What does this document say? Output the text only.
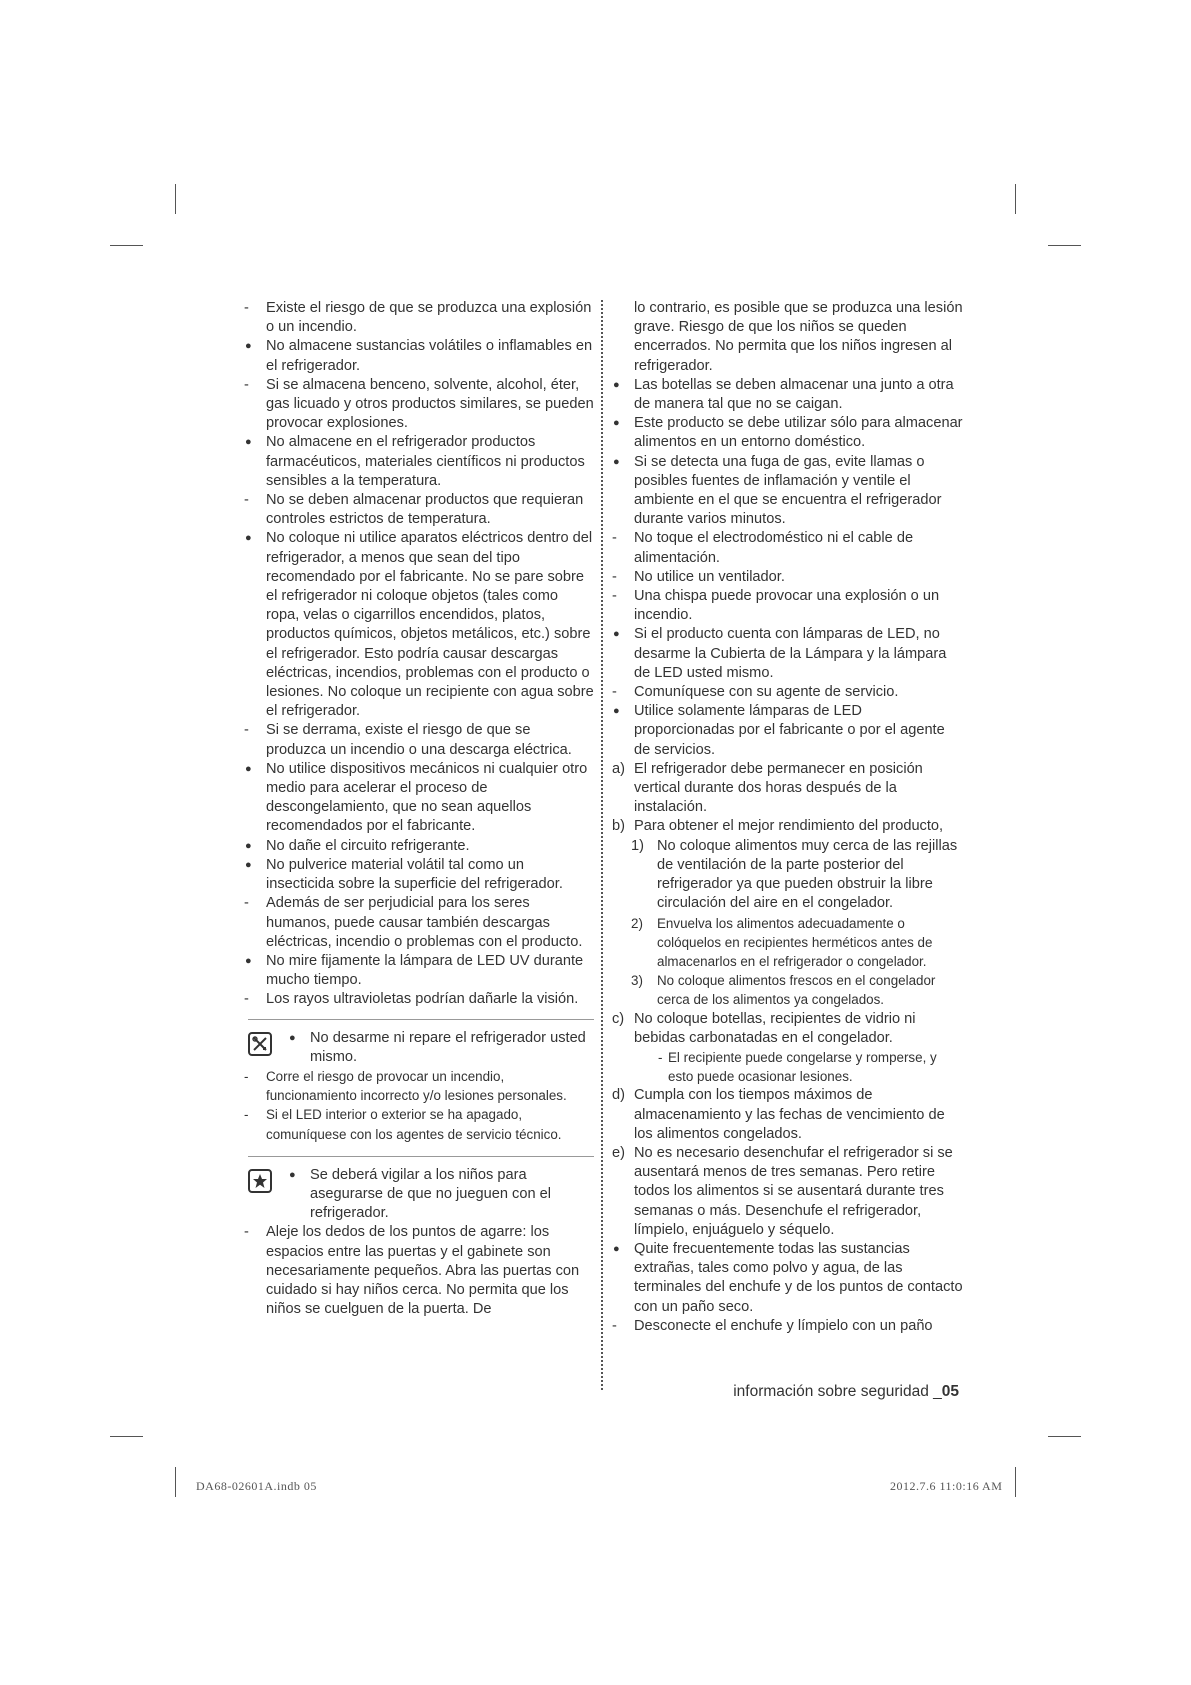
-	Existe el riesgo de que se produzca una explosión o un incendio.
● No almacene sustancias volátiles o inflamables en el refrigerador.
-	Si se almacena benceno, solvente, alcohol, éter, gas licuado y otros productos similares, se pueden provocar explosiones.
● No almacene en el refrigerador productos farmacéuticos, materiales científicos ni productos sensibles a la temperatura.
-	No se deben almacenar productos que requieran controles estrictos de temperatura.
● No coloque ni utilice aparatos eléctricos dentro del refrigerador, a menos que sean del tipo recomendado por el fabricante. No se pare sobre el refrigerador ni coloque objetos (tales como ropa, velas o cigarrillos encendidos, platos, productos químicos, objetos metálicos, etc.) sobre el refrigerador. Esto podría causar descargas eléctricas, incendios, problemas con el producto o lesiones. No coloque un recipiente con agua sobre el refrigerador.
-	Si se derrama, existe el riesgo de que se produzca un incendio o una descarga eléctrica.
● No utilice dispositivos mecánicos ni cualquier otro medio para acelerar el proceso de descongelamiento, que no sean aquellos recomendados por el fabricante.
● No dañe el circuito refrigerante.
● No pulverice material volátil tal como un insecticida sobre la superficie del refrigerador.
-	Además de ser perjudicial para los seres humanos, puede causar también descargas eléctricas, incendio o problemas con el producto.
● No mire fijamente la lámpara de LED UV durante mucho tiempo.
-	Los rayos ultravioletas podrían dañarle la visión.
● No desarme ni repare el refrigerador usted mismo.
-	Corre el riesgo de provocar un incendio, funcionamiento incorrecto y/o lesiones personales.
-	Si el LED interior o exterior se ha apagado, comuníquese con los agentes de servicio técnico.
● Se deberá vigilar a los niños para asegurarse de que no jueguen con el refrigerador.
-	Aleje los dedos de los puntos de agarre: los espacios entre las puertas y el gabinete son necesariamente pequeños. Abra las puertas con cuidado si hay niños cerca. No permita que los niños se cuelguen de la puerta. De
lo contrario, es posible que se produzca una lesión grave. Riesgo de que los niños se queden encerrados. No permita que los niños ingresen al refrigerador.
● Las botellas se deben almacenar una junto a otra de manera tal que no se caigan.
● Este producto se debe utilizar sólo para almacenar alimentos en un entorno doméstico.
● Si se detecta una fuga de gas, evite llamas o posibles fuentes de inflamación y ventile el ambiente en el que se encuentra el refrigerador durante varios minutos.
-	No toque el electrodoméstico ni el cable de alimentación.
-	No utilice un ventilador.
-	Una chispa puede provocar una explosión o un incendio.
● Si el producto cuenta con lámparas de LED, no desarme la Cubierta de la Lámpara y la lámpara de LED usted mismo.
-	Comuníquese con su agente de servicio.
● Utilice solamente lámparas de LED proporcionadas por el fabricante o por el agente de servicios.
a) El refrigerador debe permanecer en posición vertical durante dos horas después de la instalación.
b) Para obtener el mejor rendimiento del producto,
1) No coloque alimentos muy cerca de las rejillas de ventilación de la parte posterior del refrigerador ya que pueden obstruir la libre circulación del aire en el congelador.
2)	Envuelva los alimentos adecuadamente o colóquelos en recipientes herméticos antes de almacenarlos en el refrigerador o congelador.
3)	No coloque alimentos frescos en el congelador cerca de los alimentos ya congelados.
c) No coloque botellas, recipientes de vidrio ni bebidas carbonatadas en el congelador.
- El recipiente puede congelarse y romperse, y esto puede ocasionar lesiones.
d) Cumpla con los tiempos máximos de almacenamiento y las fechas de vencimiento de los alimentos congelados.
e) No es necesario desenchufar el refrigerador si se ausentará menos de tres semanas. Pero retire todos los alimentos si se ausentará durante tres semanas o más. Desenchufe el refrigerador, límpielo, enjuáguelo y séquelo.
● Quite frecuentemente todas las sustancias extrañas, tales como polvo y agua, de las terminales del enchufe y de los puntos de contacto con un paño seco.
-	Desconecte el enchufe y límpielo con un paño
información sobre seguridad _05
DA68-02601A.indb 05	2012.7.6 11:0:16 AM
